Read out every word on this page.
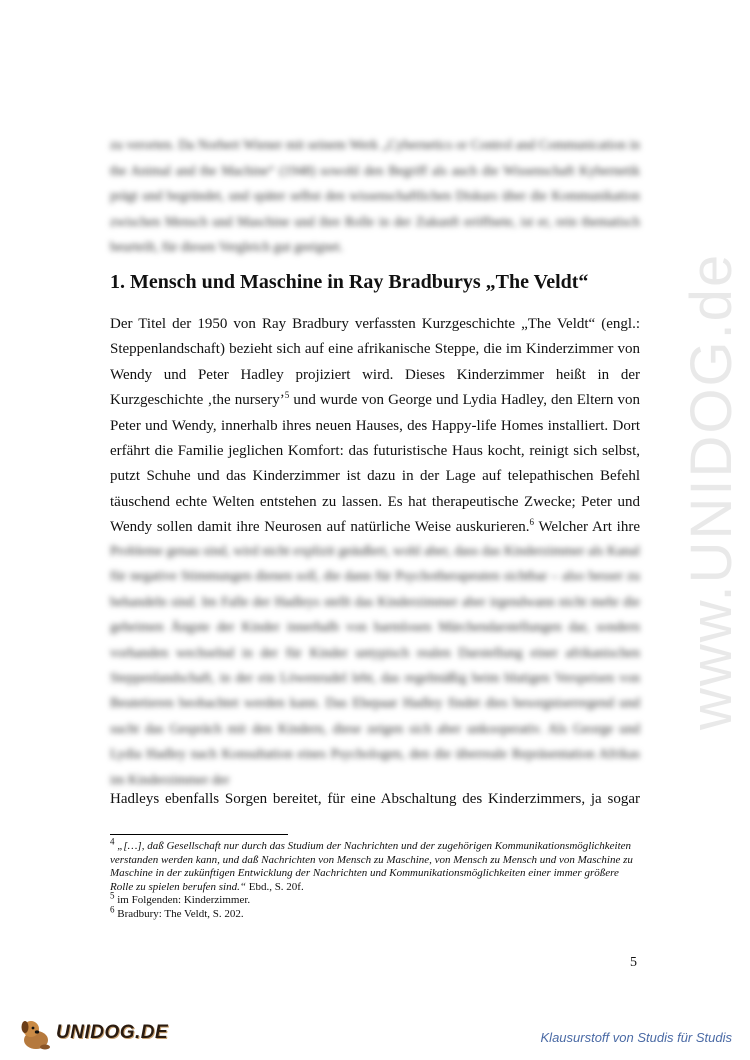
www.UNIDOG.de

zu verorten. Da Norbert Wiener mit seinem Werk „Cybernetics or Control and Communication in the Animal and the Machine“ (1948) sowohl den Begriff als auch die Wissenschaft Kybernetik prägt und begründet, und später selbst den wissenschaftlichen Diskurs über die Kommunikation zwischen Mensch und Maschine und ihre Rolle in der Zukunft eröffnete, ist er, rein thematisch beurteilt, für diesen Vergleich gut geeignet.

1. Mensch und Maschine in Ray Bradburys „The Veldt“
Der Titel der 1950 von Ray Bradbury verfassten Kurzgeschichte „The Veldt“ (engl.:
Steppenlandschaft) bezieht sich auf eine afrikanische Steppe, die im Kinderzimmer von
Wendy und Peter Hadley projiziert wird. Dieses Kinderzimmer heißt in der
Kurzgeschichte ‚the nursery’$^5$ und wurde von George und Lydia Hadley, den Eltern von
Peter und Wendy, innerhalb ihres neuen Hauses, des Happy-life Homes installiert. Dort
erfährt die Familie jeglichen Komfort: das futuristische Haus kocht, reinigt sich selbst,
putzt Schuhe und das Kinderzimmer ist dazu in der Lage auf telepathischen Befehl
täuschend echte Welten entstehen zu lassen. Es hat therapeutische Zwecke; Peter und
Wendy sollen damit ihre Neurosen auf natürliche Weise auskurieren.$^6$ Welcher Art ihre

Probleme genau sind, wird nicht explizit geäußert, wohl aber, dass das Kinderzimmer als Kanal für negative Stimmungen dienen soll, die dann für Psychotherapeuten sichtbar – also besser zu behandeln sind. Im Falle der Hadleys stellt das Kinderzimmer aber irgendwann nicht mehr die geheimen Ängste der Kinder innerhalb von harmlosen Märchendarstellungen dar, sondern vorhanden wechselnd in der für Kinder untypisch realen Darstellung einer afrikanischen Steppenlandschaft, in der ein Löwenrudel lebt, das regelmäßig beim blutigen Verspeisen von Beutetieren beobachtet werden kann. Das Ehepaar Hadley findet dies besorgniserregend und sucht das Gespräch mit den Kindern, diese zeigen sich aber unkooperativ. Als George und Lydia Hadley nach Konsultation eines Psychologen, den die überreale Repräsentation Afrikas im Kinderzimmer der

Hadleys ebenfalls Sorgen bereitet, für eine Abschaltung des Kinderzimmers, ja sogar
$^4$ „[…], daß Gesellschaft nur durch das Studium der Nachrichten und der zugehörigen Kommunikationsmöglichkeiten verstanden werden kann, und daß Nachrichten von Mensch zu Maschine, von Mensch zu Mensch und von Maschine zu Maschine in der zukünftigen Entwicklung der Nachrichten und Kommunikationsmöglichkeiten einer immer größere Rolle zu spielen berufen sind.“ Ebd., S. 20f.
$^5$ im Folgenden: Kinderzimmer.
$^6$ Bradbury: The Veldt, S. 202.
5
UNIDOG.DE	Klausurstoff von Studis für Studis
